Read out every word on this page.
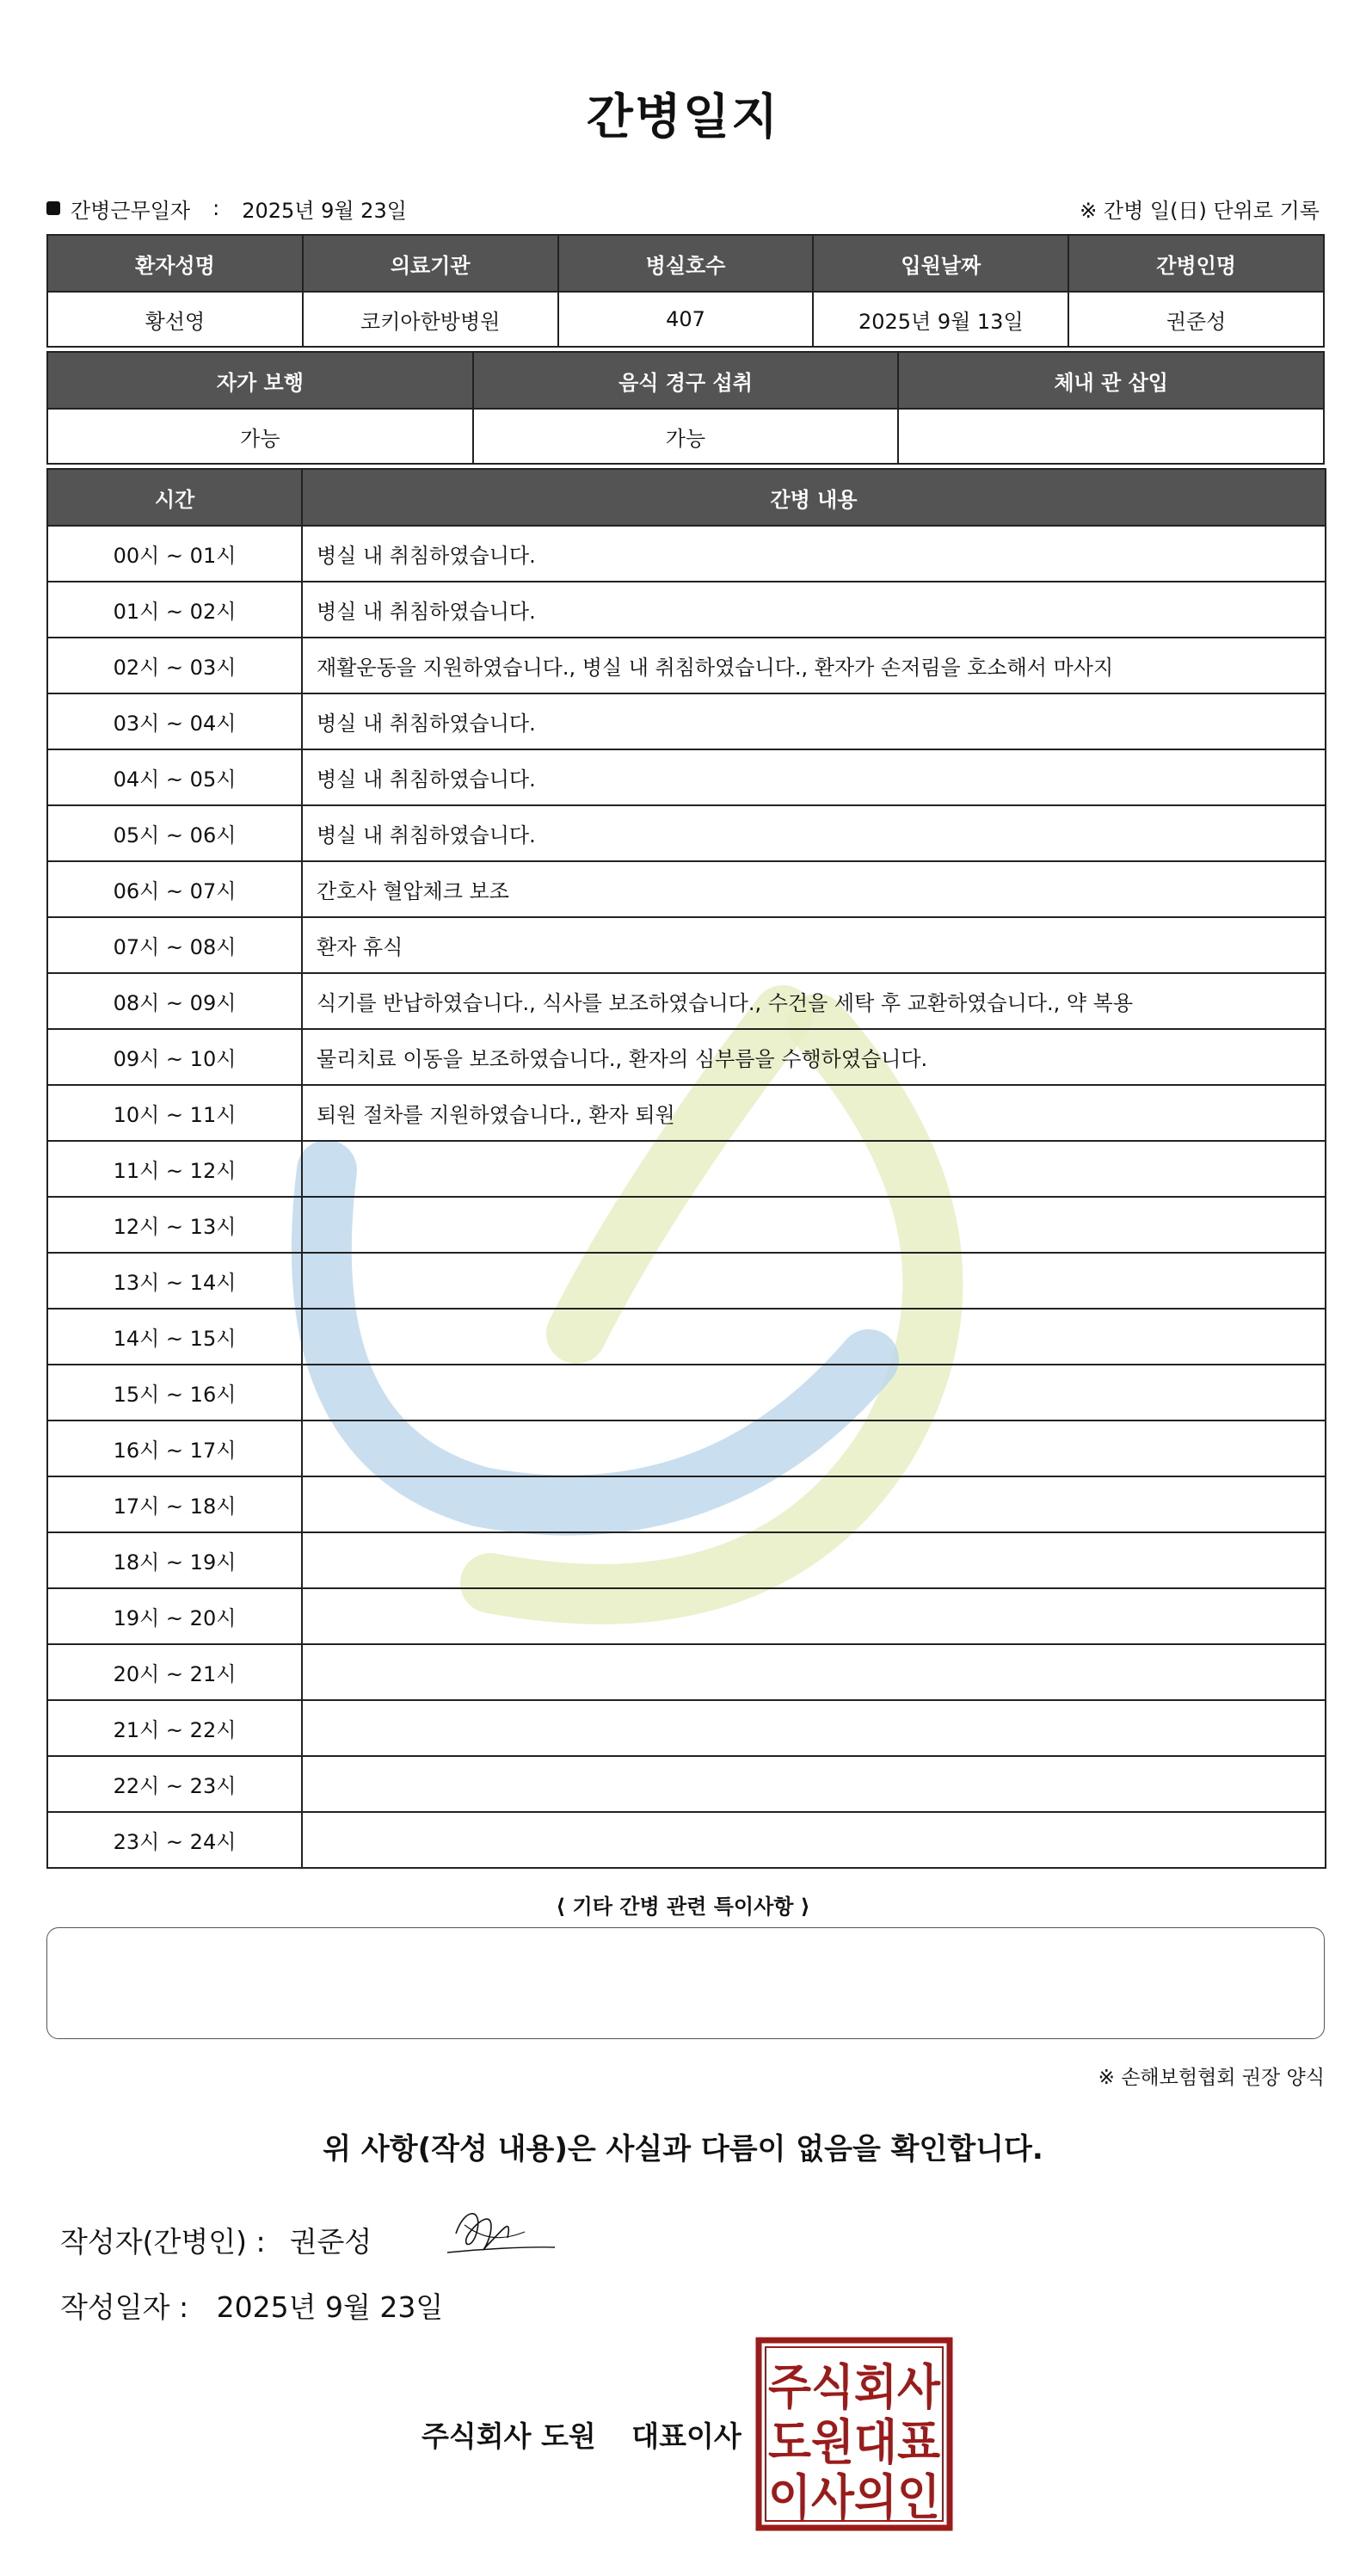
간병일지
간병근무일자 : 2025년 9월 23일	※ 간병 일(日) 단위로 기록
환자성명	의료기관	병실호수	입원날짜	간병인명
황선영	코키아한방병원	407	2025년 9월 13일	권준성
자가 보행	음식 경구 섭취	체내 관 삽입
가능	가능	
시간	간병 내용
00시 ~ 01시	병실 내 취침하였습니다.
01시 ~ 02시	병실 내 취침하였습니다.
02시 ~ 03시	재활운동을 지원하였습니다., 병실 내 취침하였습니다., 환자가 손저림을 호소해서 마사지
03시 ~ 04시	병실 내 취침하였습니다.
04시 ~ 05시	병실 내 취침하였습니다.
05시 ~ 06시	병실 내 취침하였습니다.
06시 ~ 07시	간호사 혈압체크 보조
07시 ~ 08시	환자 휴식
08시 ~ 09시	식기를 반납하였습니다., 식사를 보조하였습니다., 수건을 세탁 후 교환하였습니다., 약 복용
09시 ~ 10시	물리치료 이동을 보조하였습니다., 환자의 심부름을 수행하였습니다.
10시 ~ 11시	퇴원 절차를 지원하였습니다., 환자 퇴원
11시 ~ 12시	
12시 ~ 13시	
13시 ~ 14시	
14시 ~ 15시	
15시 ~ 16시	
16시 ~ 17시	
17시 ~ 18시	
18시 ~ 19시	
19시 ~ 20시	
20시 ~ 21시	
21시 ~ 22시	
22시 ~ 23시	
23시 ~ 24시	
⟨ 기타 간병 관련 특이사항 ⟩
※ 손해보험협회 권장 양식
위 사항(작성 내용)은 사실과 다름이 없음을 확인합니다.
작성자(간병인) : 권준성
작성일자 : 2025년 9월 23일
주식회사 도원 대표이사
주식회사
도원대표
이사의인
